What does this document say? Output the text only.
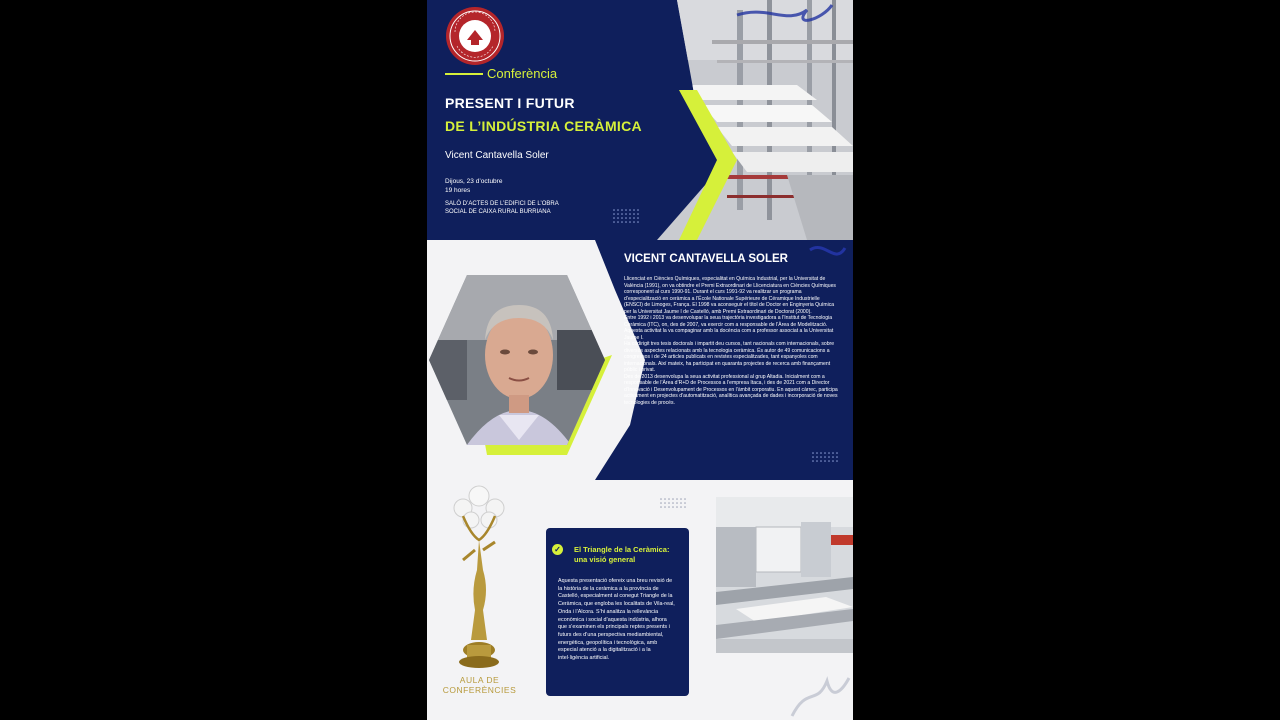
Conferència
PRESENT I FUTUR
DE L’INDÚSTRIA CERÀMICA
Vicent Cantavella Soler
Dijous, 23 d’octubre
19 hores
SALÓ D’ACTES DE L’EDIFICI DE L’OBRA SOCIAL DE CAIXA RURAL BURRIANA
VICENT CANTAVELLA SOLER

Llicenciat en Ciències Químiques, especialitat en Química Industrial, per la Universitat de València (1991), on va obtindre el Premi Extraordinari de Llicenciatura en Ciències Químiques corresponent al curs 1990-91. Durant el curs 1991-92 va realitzar un programa d’especialització en ceràmica a l’École Nationale Supérieure de Céramique Industrielle (ENSCI) de Limoges, França. El 1998 va aconseguir el títol de Doctor en Enginyeria Química per la Universitat Jaume I de Castelló, amb Premi Extraordinari de Doctorat (2000).

Entre 1992 i 2013 va desenvolupar la seua trajectòria investigadora a l’Institut de Tecnologia Ceràmica (ITC), on, des de 2007, va exercir com a responsable de l’Àrea de Modelització. Aquesta activitat la va compaginar amb la docència com a professor associat a la Universitat Jaume I.

Ha codirigit tres tesis doctorals i impartit deu cursos, tant nacionals com internacionals, sobre diversos aspectes relacionats amb la tecnologia ceràmica. És autor de 49 comunicacions a congressos i de 24 articles publicats en revistes especialitzades, tant espanyoles com internacionals. Així mateix, ha participat en quaranta projectes de recerca amb finançament públic i privat.

Des de 2013 desenvolupa la seua activitat professional al grup Altadia. Inicialment com a responsable de l’Àrea d’R+D de Processos a l’empresa Itaca, i des de 2021 com a Director d’Innovació i Desenvolupament de Processos en l’àmbit corporatiu. En aquest càrrec, participa activament en projectes d’automatització, analítica avançada de dades i incorporació de noves tecnologies de procés.

AULA DE
CONFERÈNCIES
✓ El Triangle de la Ceràmica: una visió general
Aquesta presentació ofereix una breu revisió de la història de la ceràmica a la província de Castelló, especialment al conegut Triangle de la Ceràmica, que engloba les localitats de Vila-real, Onda i l’Alcora. S’hi analitza la rellevància econòmica i social d’aquesta indústria, alhora que s’examinen els principals reptes presents i futurs des d’una perspectiva mediambiental, energètica, geopolítica i tecnològica, amb especial atenció a la digitalització i a la intel·ligència artificial.
